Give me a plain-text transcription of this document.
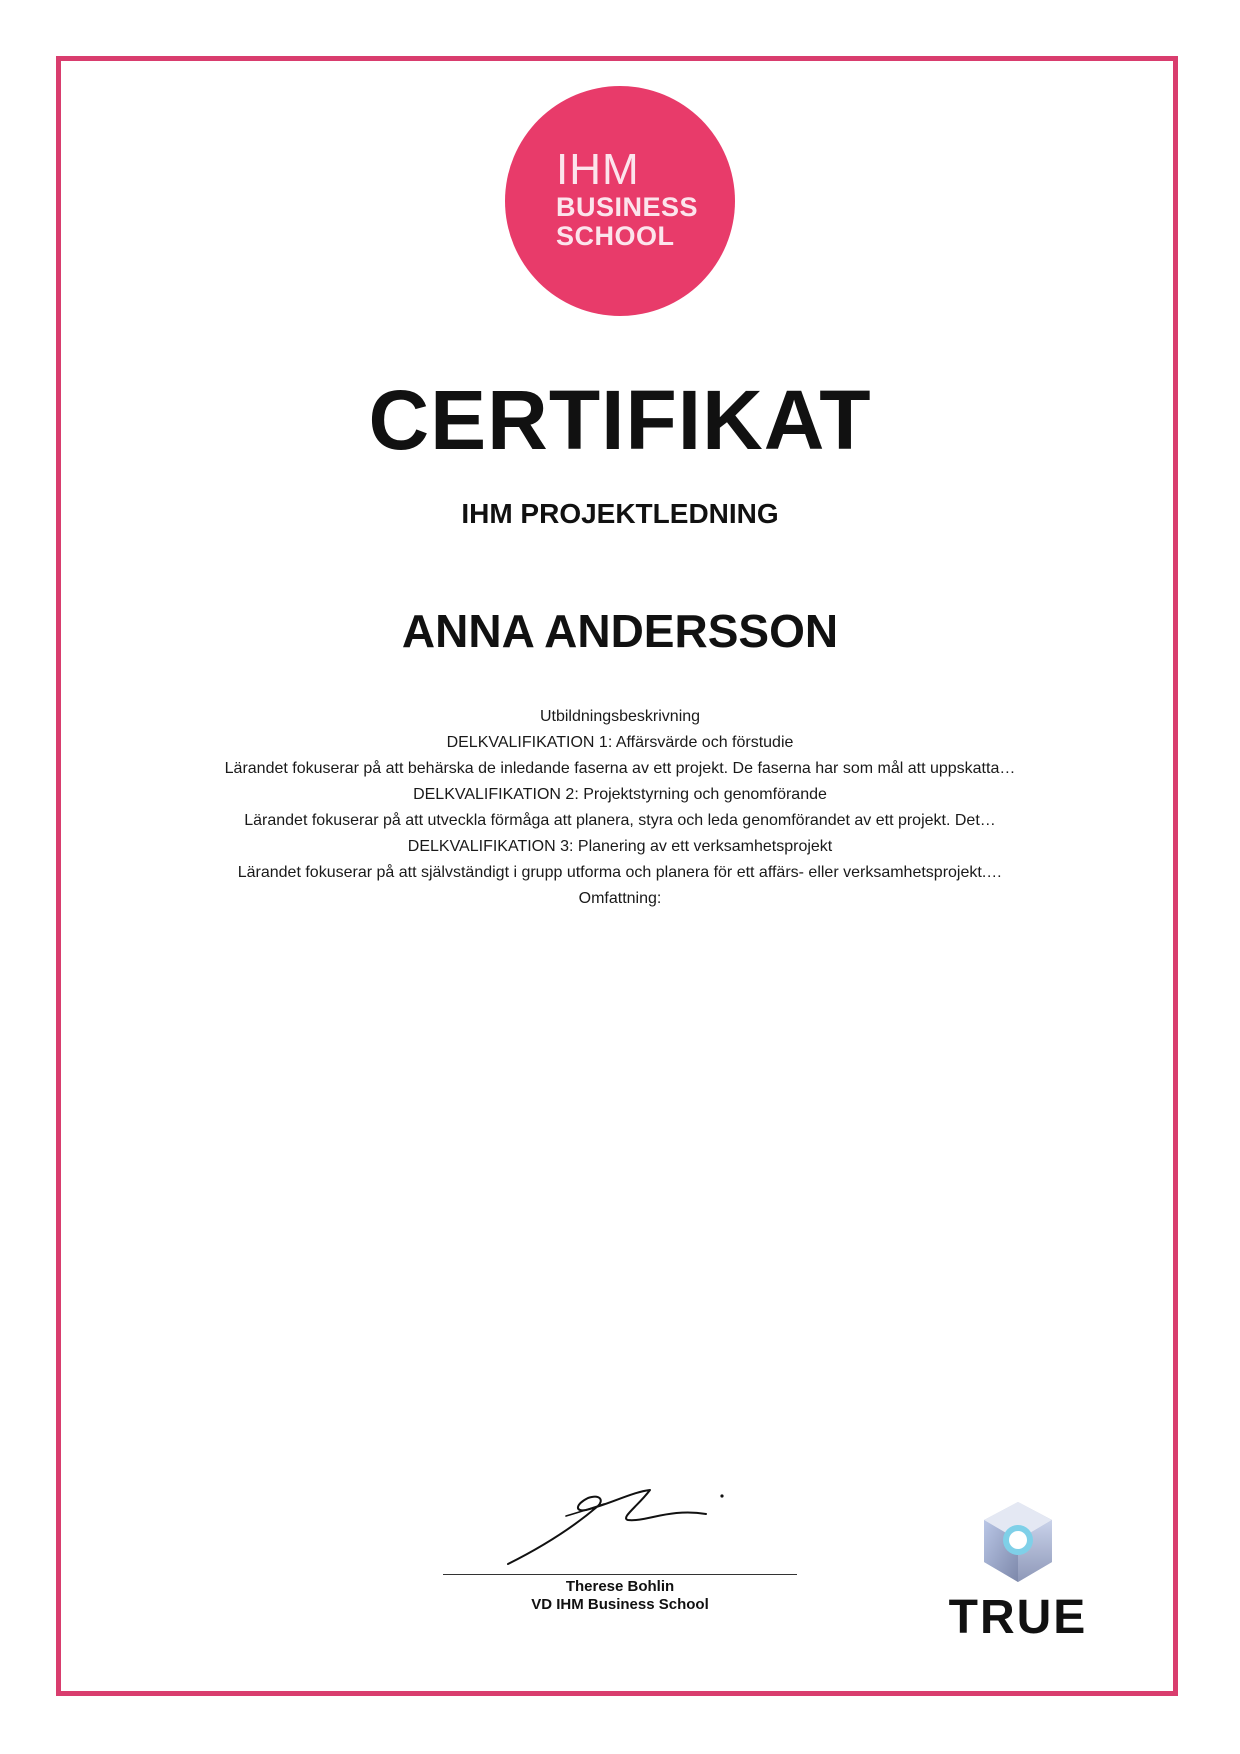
IHM
BUSINESS
SCHOOL
CERTIFIKAT
IHM PROJEKTLEDNING
ANNA ANDERSSON
Utbildningsbeskrivning
DELKVALIFIKATION 1: Affärsvärde och förstudie
Lärandet fokuserar på att behärska de inledande faserna av ett projekt. De faserna har som mål att uppskatta…
DELKVALIFIKATION 2: Projektstyrning och genomförande
Lärandet fokuserar på att utveckla förmåga att planera, styra och leda genomförandet av ett projekt. Det…
DELKVALIFIKATION 3: Planering av ett verksamhetsprojekt
Lärandet fokuserar på att självständigt i grupp utforma och planera för ett affärs- eller verksamhetsprojekt.…
Omfattning:
Therese Bohlin
VD IHM Business School	TRUE
